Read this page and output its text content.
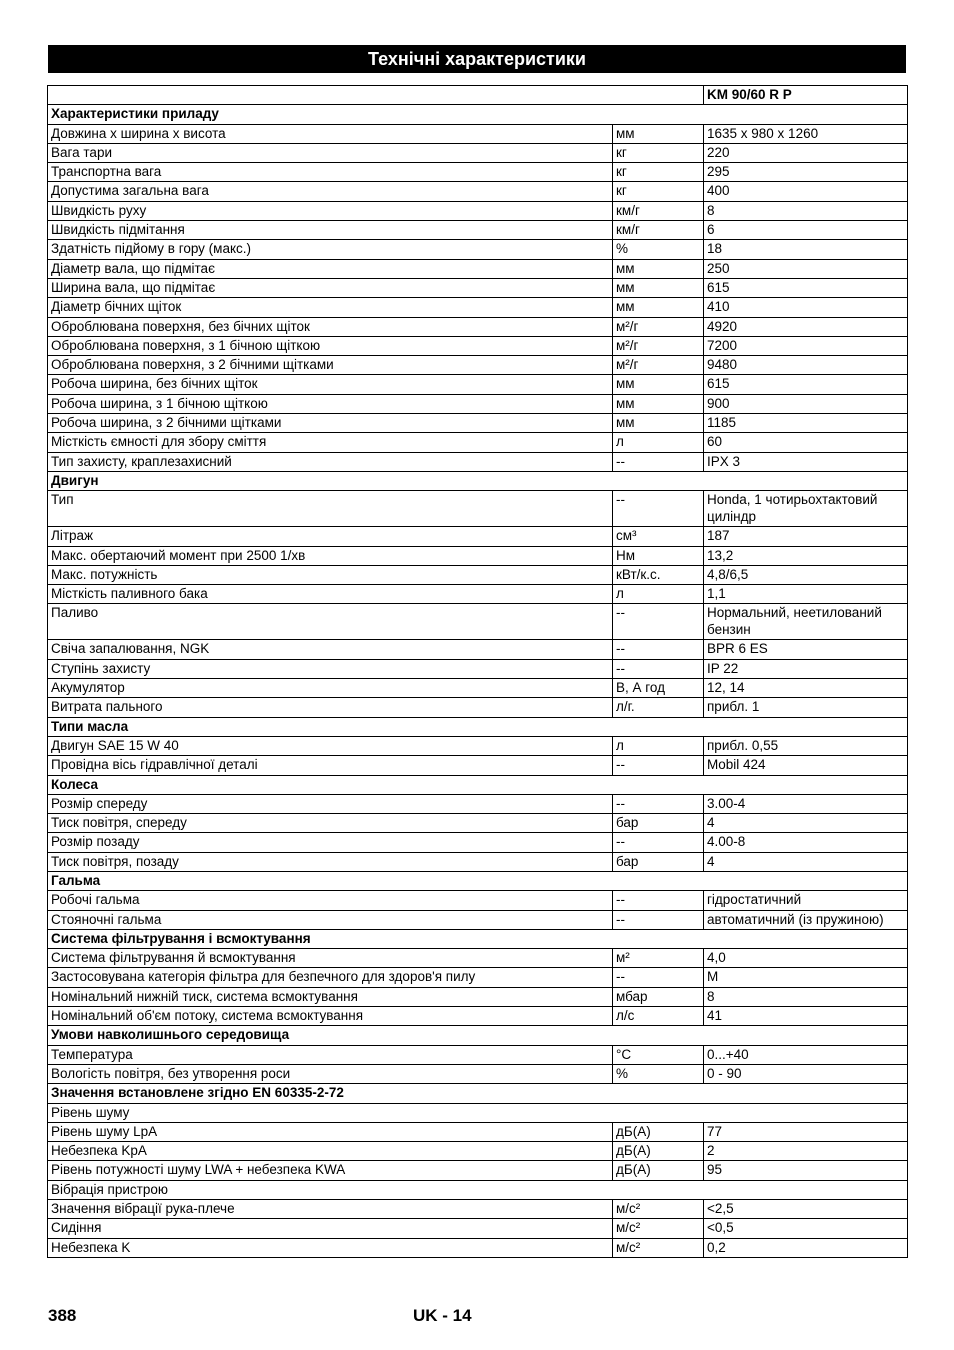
Технічні характеристики
		KM 90/60 R P
Характеристики приладу		
Довжина х ширина х висота	мм	1635 x 980 x 1260
Вага тари	кг	220
Транспортна вага	кг	295
Допустима загальна вага	кг	400
Швидкість руху	км/г	8
Швидкість підмітання	км/г	6
Здатність підйому в гору (макс.)	%	18
Діаметр вала, що підмітає	мм	250
Ширина вала, що підмітає	мм	615
Діаметр бічних щіток	мм	410
Оброблювана поверхня, без бічних щіток	м²/г	4920
Оброблювана поверхня, з 1 бічною щіткою	м²/г	7200
Оброблювана поверхня, з 2 бічними щітками	м²/г	9480
Робоча ширина, без бічних щіток	мм	615
Робоча ширина, з 1 бічною щіткою	мм	900
Робоча ширина, з 2 бічними щітками	мм	1185
Місткість ємності для збору сміття	л	60
Тип захисту, краплезахисний	--	IPX 3
Двигун		
Тип	--	Honda, 1 чотирьохтактовий циліндр
Літраж	см³	187
Макс. обертаючий момент при 2500 1/хв	Нм	13,2
Макс. потужність	кВт/к.с.	4,8/6,5
Місткість паливного бака	л	1,1
Паливо	--	Нормальний, неетилований бензин
Свіча запалювання, NGK	--	BPR 6 ES
Ступінь захисту	--	IP 22
Акумулятор	В, А год	12, 14
Витрата пального	л/г.	прибл. 1
Типи масла		
Двигун SAE 15 W 40	л	прибл. 0,55
Провідна вісь гідравлічної деталі	--	Mobil 424
Колеса		
Розмір спереду	--	3.00-4
Тиск повітря, спереду	бар	4
Розмір позаду	--	4.00-8
Тиск повітря, позаду	бар	4
Гальма		
Робочі гальма	--	гідростатичний
Стояночні гальма	--	автоматичний (із пружиною)
Система фільтрування і всмоктування		
Система фільтрування й всмоктування	м²	4,0
Застосовувана категорія фільтра для безпечного для здоров'я пилу	--	M
Номінальний нижній тиск, система всмоктування	мбар	8
Номінальний об'єм потоку, система всмоктування	л/с	41
Умови навколишнього середовища		
Температура	°C	0...+40
Вологість повітря, без утворення роси	%	0 - 90
Значення встановлене згідно EN 60335-2-72		
Рівень шуму		
Рівень шуму LpA	дБ(А)	77
Небезпека KpA	дБ(А)	2
Рівень потужності шуму LWA + небезпека KWA	дБ(А)	95
Вібрація пристрою		
Значення вібрації рука-плече	м/с²	<2,5
Сидіння	м/с²	<0,5
Небезпека K	м/с²	0,2
388	UK - 14
